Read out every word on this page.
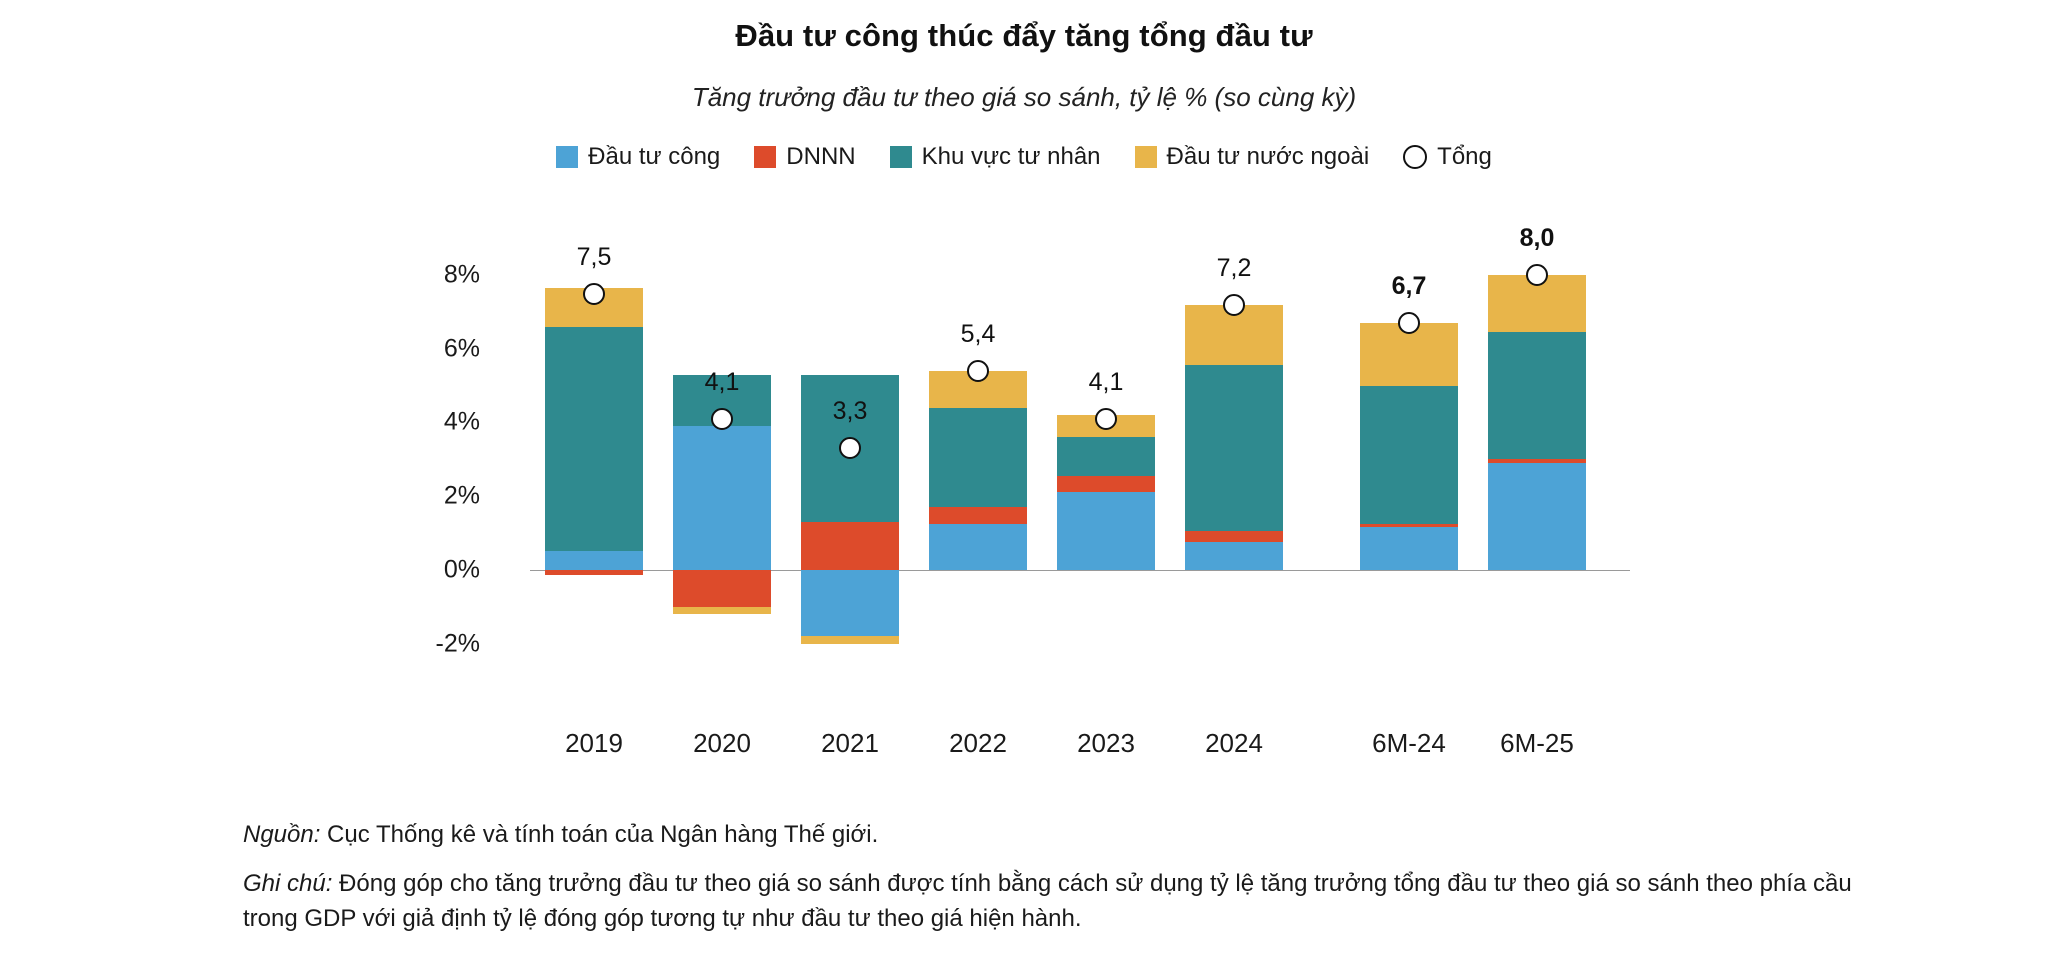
Đầu tư công thúc đẩy tăng tổng đầu tư
Tăng trưởng đầu tư theo giá so sánh, tỷ lệ % (so cùng kỳ)
Đầu tư công	DNNN	Khu vực tư nhân	Đầu tư nước ngoài	Tổng
-2%
0%
2%
4%
6%
8%
2019	2020	2021	2022	2023	2024	6M-24 6M-25
7,5
4,1
3,3
5,4
4,1
7,2
6,7
8,0
Nguồn: Cục Thống kê và tính toán của Ngân hàng Thế giới.
Ghi chú: Đóng góp cho tăng trưởng đầu tư theo giá so sánh được tính bằng cách sử dụng tỷ lệ tăng trưởng tổng đầu tư theo giá so sánh theo phía cầu trong GDP với giả định tỷ lệ đóng góp tương tự như đầu tư theo giá hiện hành.
